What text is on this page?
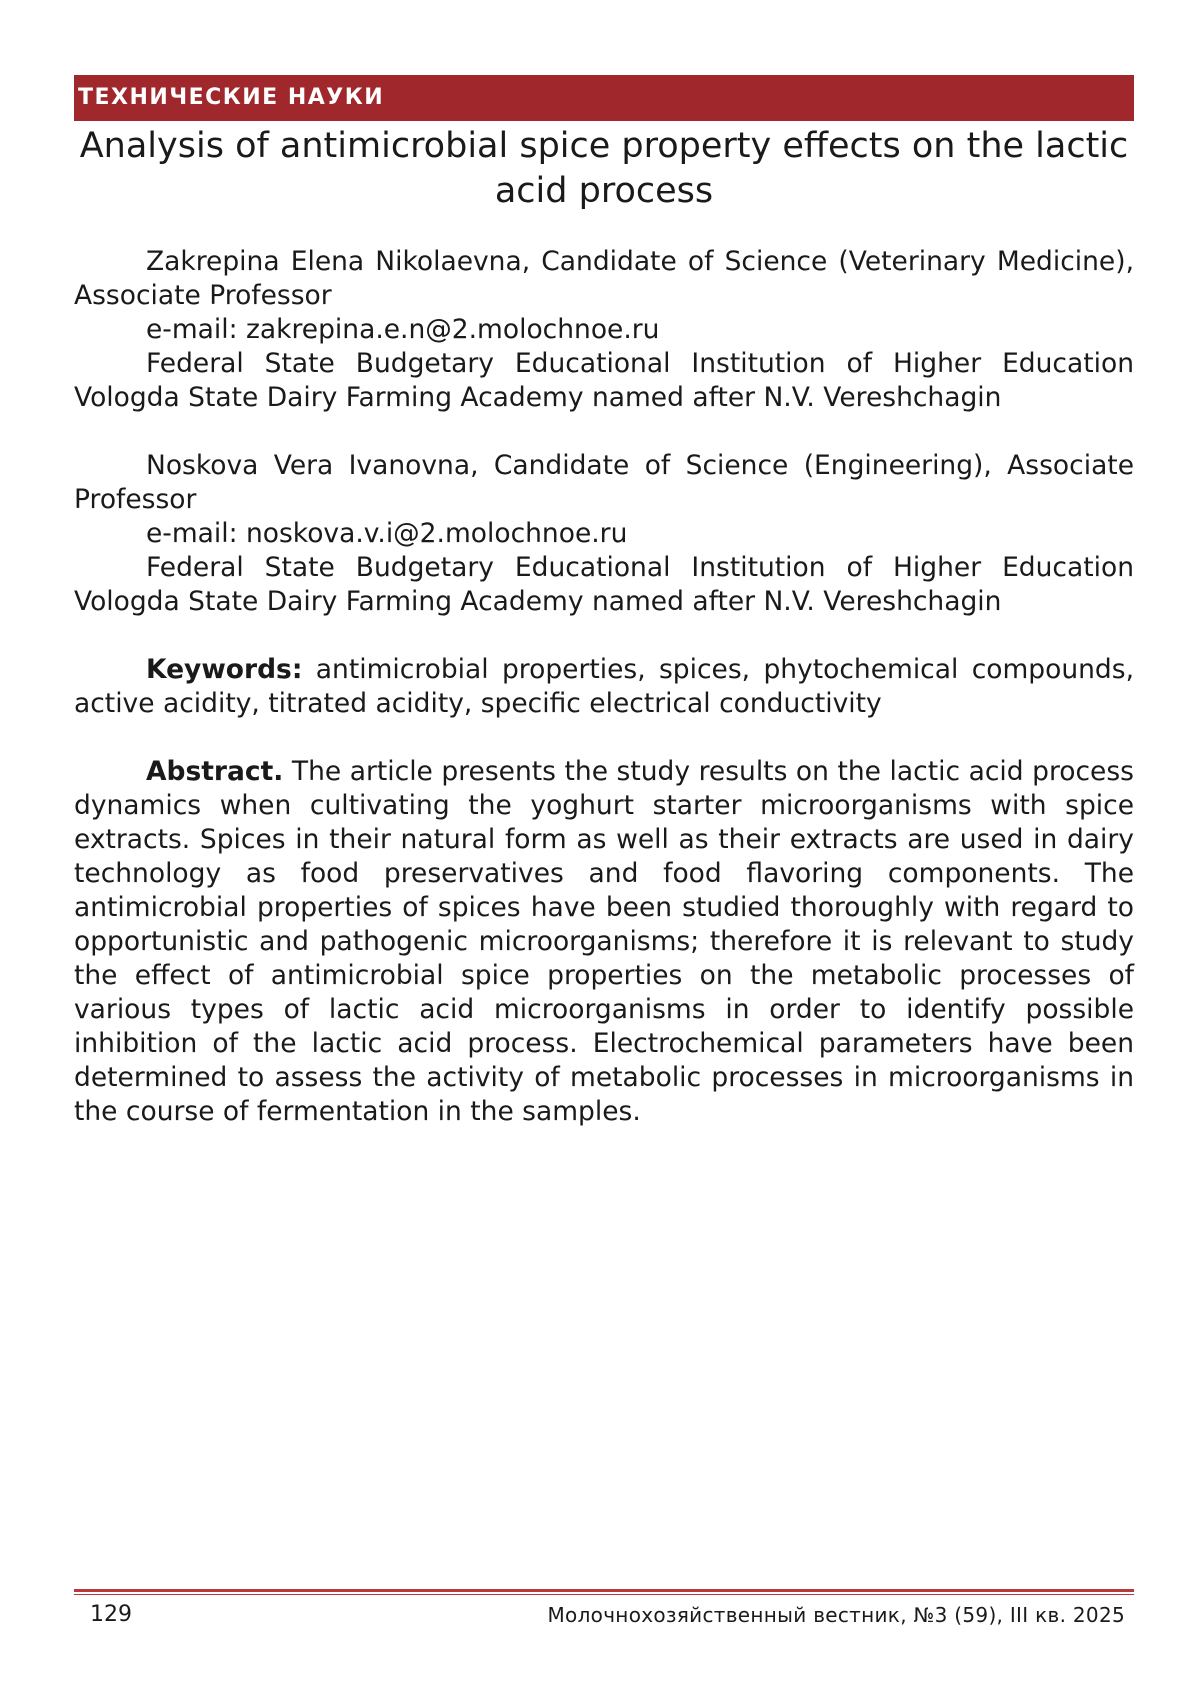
ТЕХНИЧЕСКИЕ НАУКИ
Analysis of antimicrobial spice property effects on the lactic acid process

Zakrepina Elena Nikolaevna, Candidate of Science (Veterinary Medicine), Associate Professor

e-mail: zakrepina.e.n@2.molochnoe.ru

Federal State Budgetary Educational Institution of Higher Education Vologda State Dairy Farming Academy named after N.V. Vereshchagin

Noskova Vera Ivanovna, Candidate of Science (Engineering), Associate Professor

e-mail: noskova.v.i@2.molochnoe.ru

Federal State Budgetary Educational Institution of Higher Education Vologda State Dairy Farming Academy named after N.V. Vereshchagin

Keywords: antimicrobial properties, spices, phytochemical compounds, active acidity, titrated acidity, specific electrical conductivity

Abstract. The article presents the study results on the lactic acid process dynamics when cultivating the yoghurt starter microorganisms with spice extracts. Spices in their natural form as well as their extracts are used in dairy technology as food preservatives and food flavoring components. The antimicrobial properties of spices have been studied thoroughly with regard to opportunistic and pathogenic microorganisms; therefore it is relevant to study the effect of antimicrobial spice properties on the metabolic processes of various types of lactic acid microorganisms in order to identify possible inhibition of the lactic acid process. Electrochemical parameters have been determined to assess the activity of metabolic processes in microorganisms in the course of fermentation in the samples.

129	Молочнохозяйственный вестник, №3 (59), III кв. 2025
